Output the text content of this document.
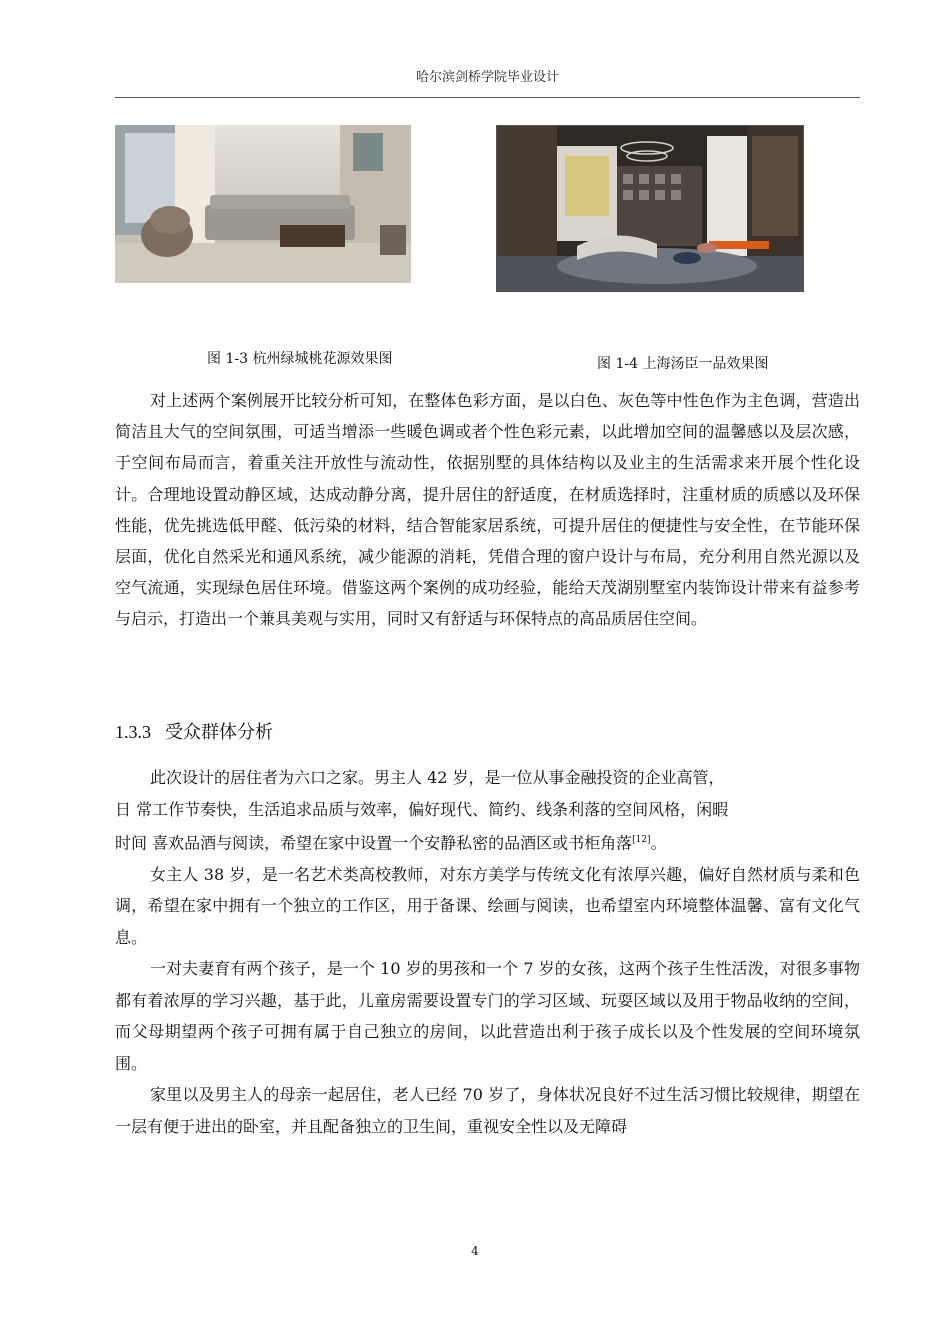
哈尔滨剑桥学院毕业设计
图 1-3 杭州绿城桃花源效果图	图 1-4 上海汤臣一品效果图

对上述两个案例展开比较分析可知，在整体色彩方面，是以白色、灰色等中性色作为主色调，营造出简洁且大气的空间氛围，可适当增添一些暖色调或者个性色彩元素，以此增加空间的温馨感以及层次感，于空间布局而言，着重关注开放性与流动性，依据别墅的具体结构以及业主的生活需求来开展个性化设计。合理地设置动静区域，达成动静分离，提升居住的舒适度，在材质选择时，注重材质的质感以及环保性能，优先挑选低甲醛、低污染的材料，结合智能家居系统，可提升居住的便捷性与安全性，在节能环保层面，优化自然采光和通风系统，减少能源的消耗，凭借合理的窗户设计与布局，充分利用自然光源以及空气流通，实现绿色居住环境。借鉴这两个案例的成功经验，能给天茂湖别墅室内装饰设计带来有益参考与启示，打造出一个兼具美观与实用，同时又有舒适与环保特点的高品质居住空间。

1.3.3 受众群体分析

此次设计的居住者为六口之家。男主人 42 岁，是一位从事金融投资的企业高管，

日 常工作节奏快，生活追求品质与效率，偏好现代、简约、线条利落的空间风格，闲暇

时间 喜欢品酒与阅读，希望在家中设置一个安静私密的品酒区或书柜角落[12]。

女主人 38 岁，是一名艺术类高校教师，对东方美学与传统文化有浓厚兴趣，偏好自然材质与柔和色调，希望在家中拥有一个独立的工作区，用于备课、绘画与阅读，也希望室内环境整体温馨、富有文化气息。

一对夫妻育有两个孩子，是一个 10 岁的男孩和一个 7 岁的女孩，这两个孩子生性活泼，对很多事物都有着浓厚的学习兴趣，基于此，儿童房需要设置专门的学习区域、玩耍区域以及用于物品收纳的空间，而父母期望两个孩子可拥有属于自己独立的房间，以此营造出利于孩子成长以及个性发展的空间环境氛围。

家里以及男主人的母亲一起居住，老人已经 70 岁了，身体状况良好不过生活习惯比较规律，期望在一层有便于进出的卧室，并且配备独立的卫生间，重视安全性以及无障碍

4
